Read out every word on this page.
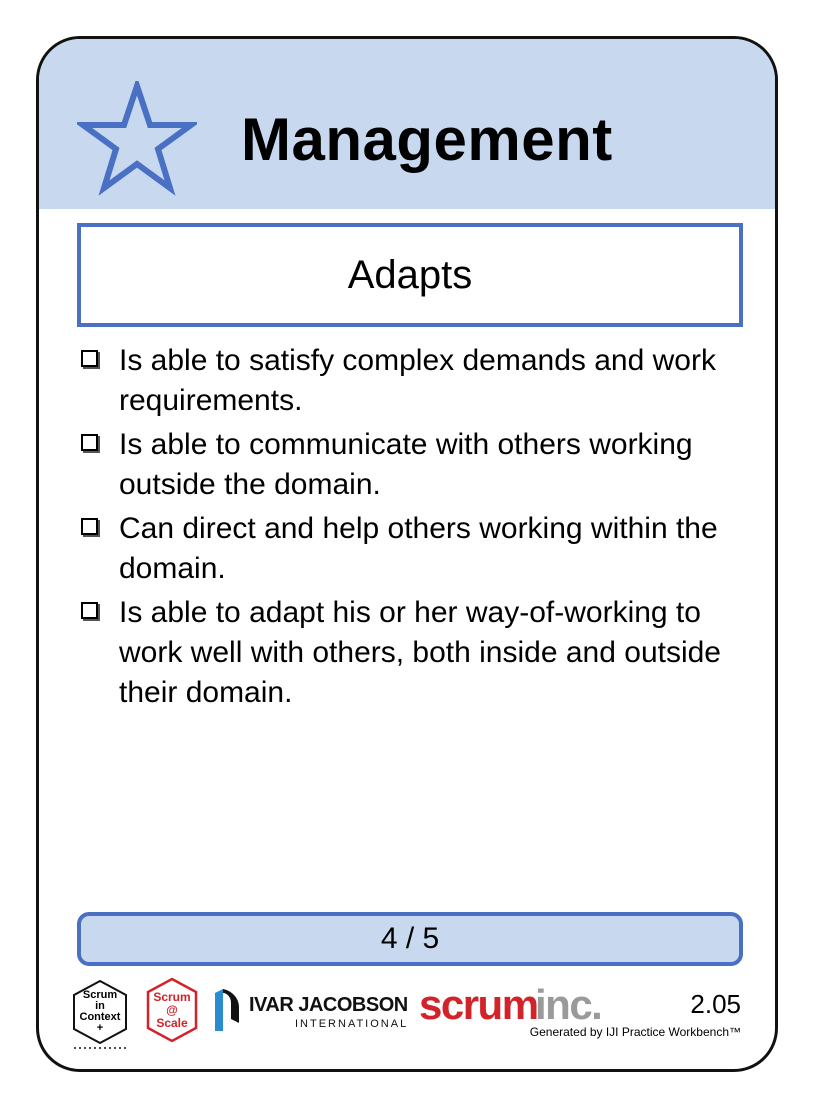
Management
Adapts
Is able to satisfy complex demands and work requirements.
Is able to communicate with others working outside the domain.
Can direct and help others working within the domain.
Is able to adapt his or her way-of-working to work well with others, both inside and outside their domain.
4 / 5
Scrum
in
Context
+
Scrum
@
Scale
IVAR JACOBSON
INTERNATIONAL scrum
inc.	2.05
Generated by IJI Practice Workbench™
